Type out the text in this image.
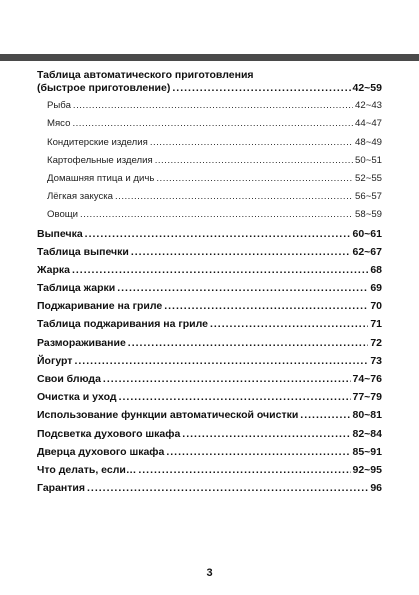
Таблица автоматического приготовления
(быстрое приготовление) .....	42~59
Рыба .....	42~43
Мясо .....	44~47
Кондитерские изделия .....	48~49
Картофельные изделия .....	50~51
Домашняя птица и дичь .....	52~55
Лёгкая закуска .....	56~57
Овощи .....	58~59
Выпечка .....	60~61
Таблица выпечки .....	62~67
Жарка .....	68
Таблица жарки .....	69
Поджаривание на гриле .....	70
Таблица поджаривания на гриле .....	71
Размораживание .....	72
Йогурт .....	73
Свои блюда .....	74~76
Очистка и уход .....	77~79
Использование функции автоматической очистки .....	80~81
Подсветка духового шкафа .....	82~84
Дверца духового шкафа .....	85~91
Что делать, если… .....	92~95
Гарантия .....	96
3
